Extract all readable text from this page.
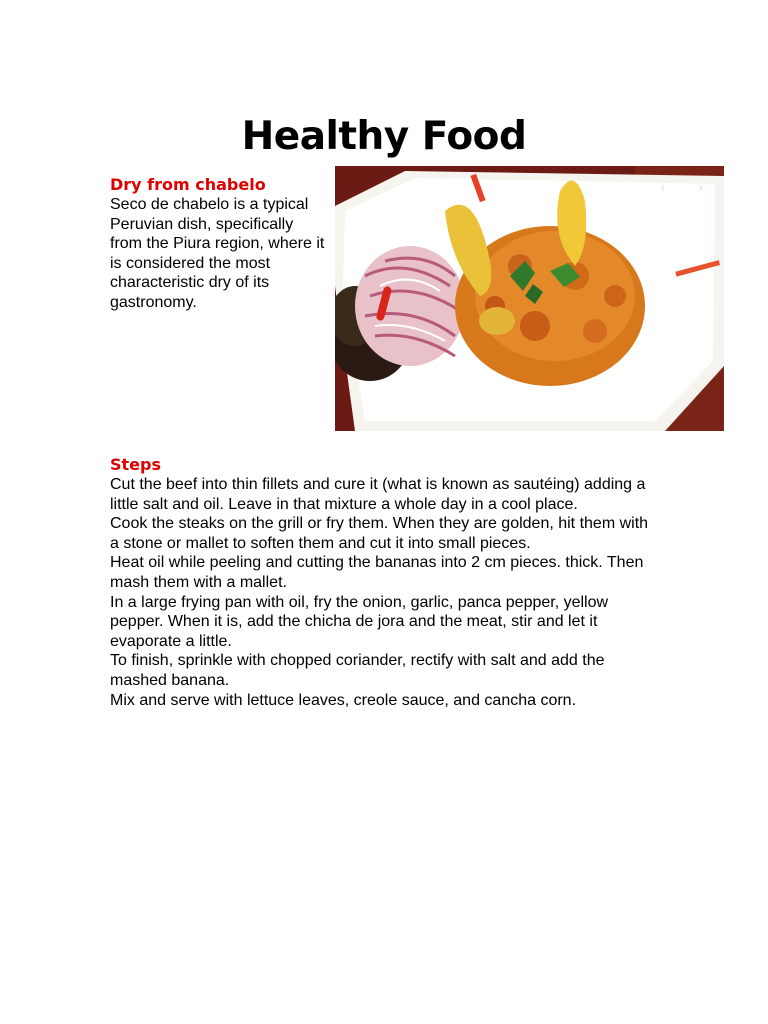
Healthy Food
Dry from chabelo

Seco de chabelo is a typical Peruvian dish, specifically from the Piura region, where it is considered the most characteristic dry of its gastronomy.

‹ ›
Steps
Cut the beef into thin fillets and cure it (what is known as sautéing) adding a little salt and oil. Leave in that mixture a whole day in a cool place.
Cook the steaks on the grill or fry them. When they are golden, hit them with a stone or mallet to soften them and cut it into small pieces.
Heat oil while peeling and cutting the bananas into 2 cm pieces. thick. Then mash them with a mallet.
In a large frying pan with oil, fry the onion, garlic, panca pepper, yellow pepper. When it is, add the chicha de jora and the meat, stir and let it evaporate a little.
To finish, sprinkle with chopped coriander, rectify with salt and add the mashed banana.
Mix and serve with lettuce leaves, creole sauce, and cancha corn.
